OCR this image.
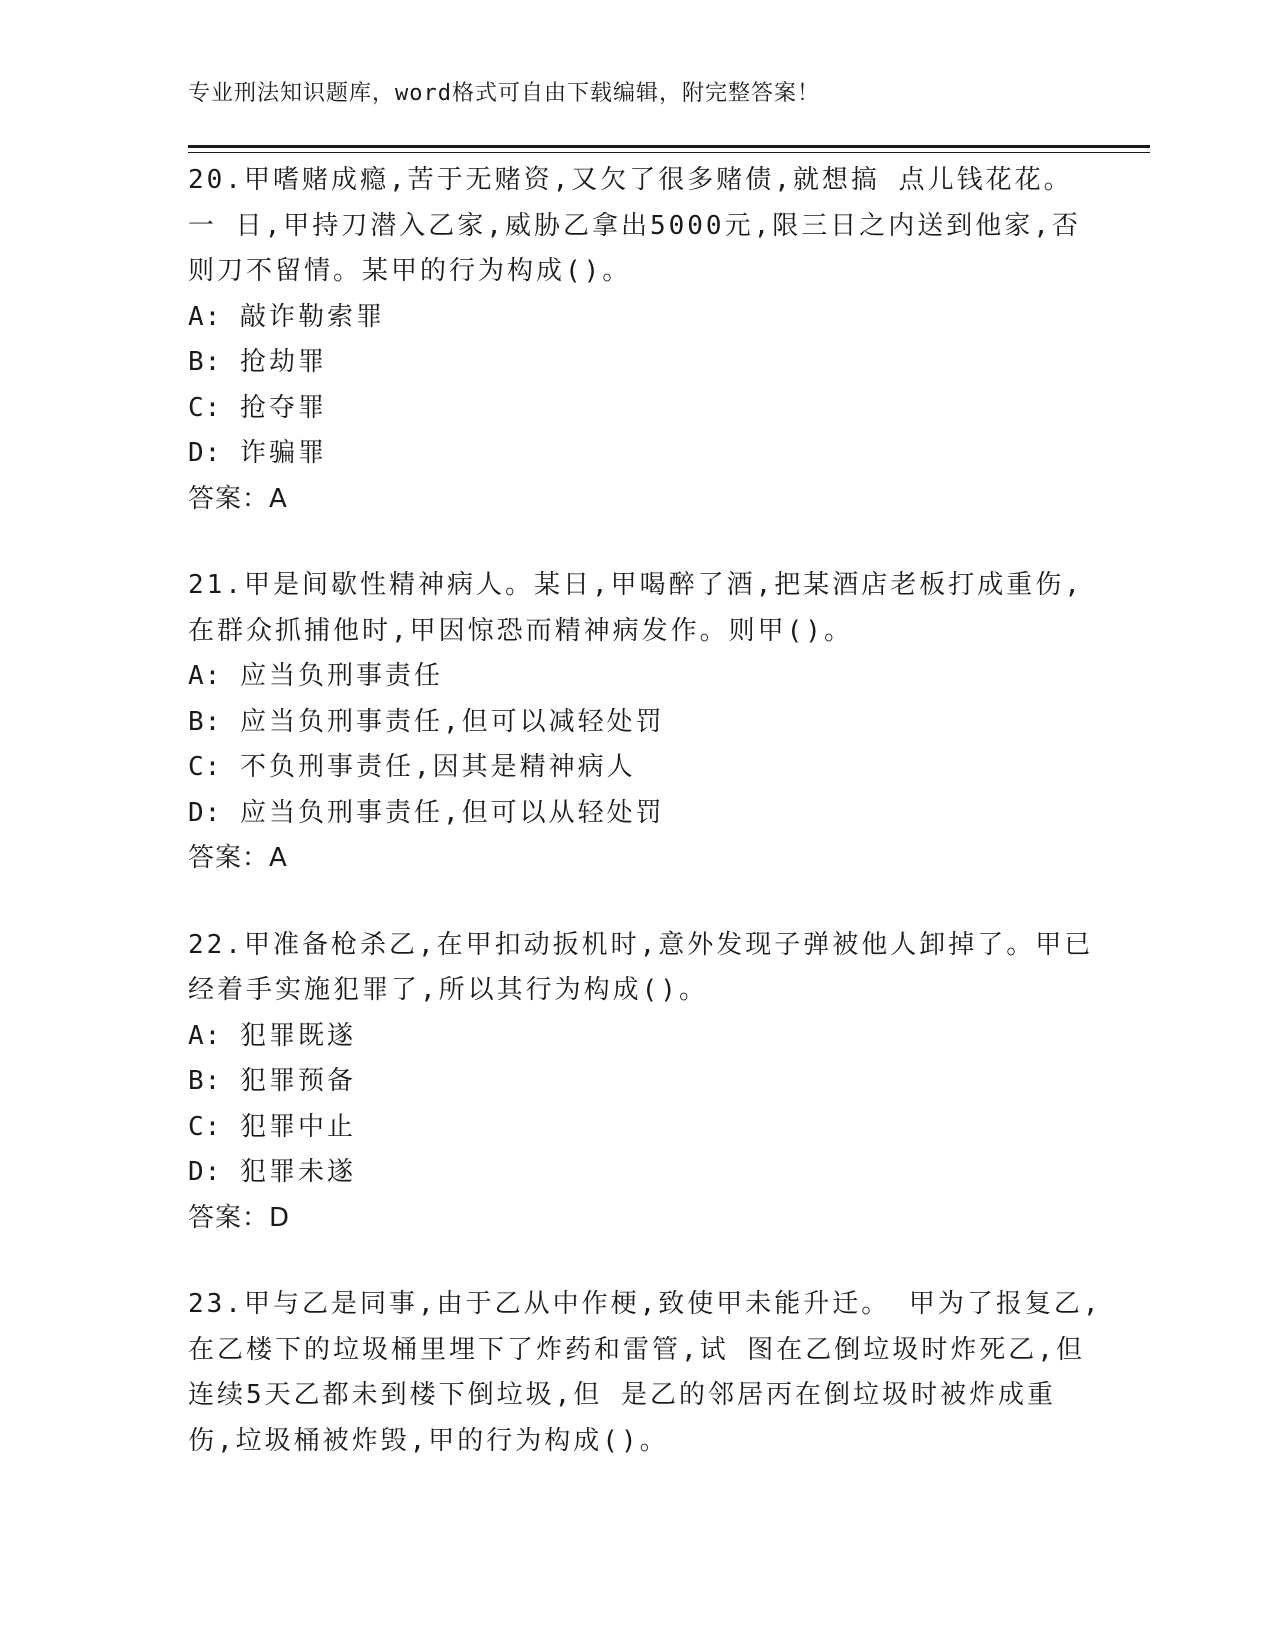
专业刑法知识题库，word格式可自由下载编辑，附完整答案！
20.甲嗜赌成瘾,苦于无赌资,又欠了很多赌债,就想搞 点儿钱花花。
一 日,甲持刀潜入乙家,威胁乙拿出5000元,限三日之内送到他家,否
则刀不留情。某甲的行为构成()。
A: 敲诈勒索罪
B: 抢劫罪
C: 抢夺罪
D: 诈骗罪
答案：A
21.甲是间歇性精神病人。某日,甲喝醉了酒,把某酒店老板打成重伤,
在群众抓捕他时,甲因惊恐而精神病发作。则甲()。
A: 应当负刑事责任
B: 应当负刑事责任,但可以减轻处罚
C: 不负刑事责任,因其是精神病人
D: 应当负刑事责任,但可以从轻处罚
答案：A
22.甲准备枪杀乙,在甲扣动扳机时,意外发现子弹被他人卸掉了。甲已
经着手实施犯罪了,所以其行为构成()。
A: 犯罪既遂
B: 犯罪预备
C: 犯罪中止
D: 犯罪未遂
答案：D
23.甲与乙是同事,由于乙从中作梗,致使甲未能升迁。 甲为了报复乙,
在乙楼下的垃圾桶里埋下了炸药和雷管,试 图在乙倒垃圾时炸死乙,但
连续5天乙都未到楼下倒垃圾,但 是乙的邻居丙在倒垃圾时被炸成重
伤,垃圾桶被炸毁,甲的行为构成()。
